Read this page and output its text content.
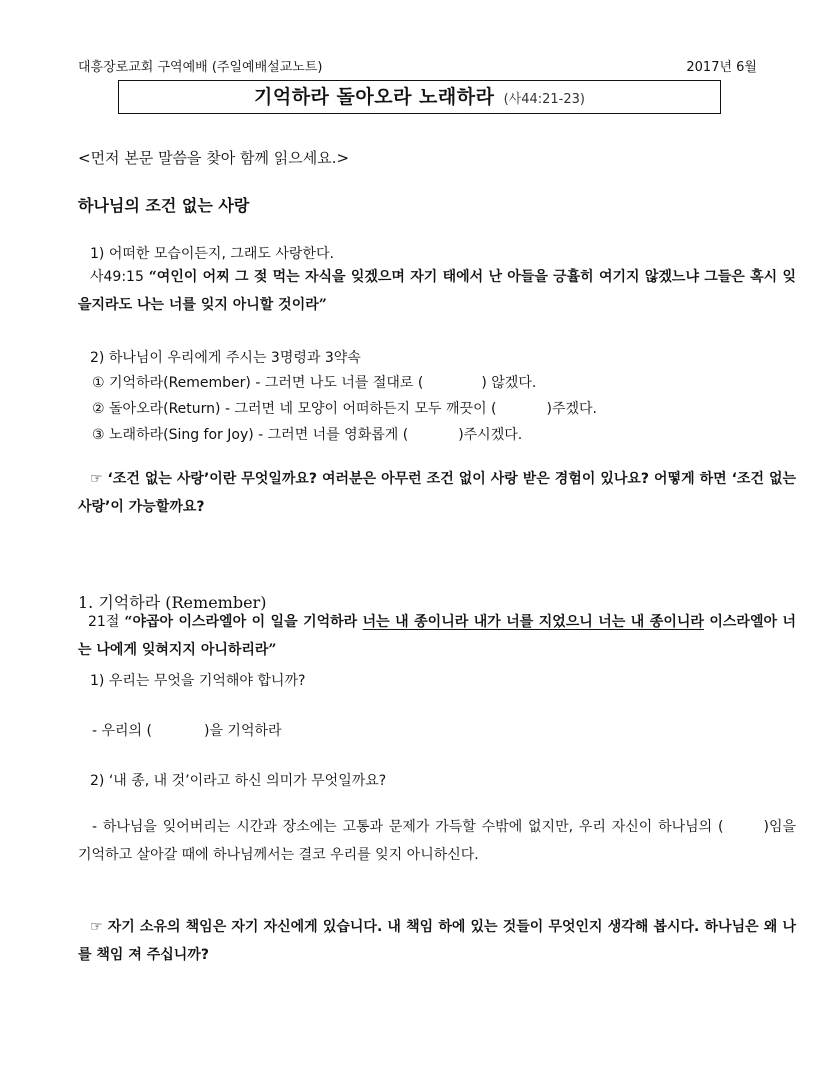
대흥장로교회 구역예배 (주일예배설교노트)	2017년 6월
기억하라 돌아오라 노래하라 (사44:21-23)
<먼저 본문 말씀을 찾아 함께 읽으세요.>
하나님의 조건 없는 사랑
1) 어떠한 모습이든지, 그래도 사랑한다.
사49:15 “여인이 어찌 그 젖 먹는 자식을 잊겠으며 자기 태에서 난 아들을 긍휼히 여기지 않겠느냐 그들은 혹시 잊을지라도 나는 너를 잊지 아니할 것이라”
2) 하나님이 우리에게 주시는 3명령과 3약속
① 기억하라(Remember) - 그러면 나도 너를 절대로 (	) 않겠다.
② 돌아오라(Return) - 그러면 네 모양이 어떠하든지 모두 깨끗이 (	)주겠다.
③ 노래하라(Sing for Joy) - 그러면 너를 영화롭게 (	)주시겠다.
☞ ‘조건 없는 사랑’이란 무엇일까요? 여러분은 아무런 조건 없이 사랑 받은 경험이 있나요? 어떻게 하면 ‘조건 없는 사랑’이 가능할까요?
1. 기억하라 (Remember)
21절 “야곱아 이스라엘아 이 일을 기억하라 너는 내 종이니라 내가 너를 지었으니 너는 내 종이니라 이스라엘아 너는 나에게 잊혀지지 아니하리라”
1) 우리는 무엇을 기억해야 합니까?
- 우리의 (	)을 기억하라
2) ‘내 종, 내 것’이라고 하신 의미가 무엇일까요?
- 하나님을 잊어버리는 시간과 장소에는 고통과 문제가 가득할 수밖에 없지만, 우리 자신이 하나님의 (	)임을 기억하고 살아갈 때에 하나님께서는 결코 우리를 잊지 아니하신다.
☞ 자기 소유의 책임은 자기 자신에게 있습니다. 내 책임 하에 있는 것들이 무엇인지 생각해 봅시다. 하나님은 왜 나를 책임 져 주십니까?
